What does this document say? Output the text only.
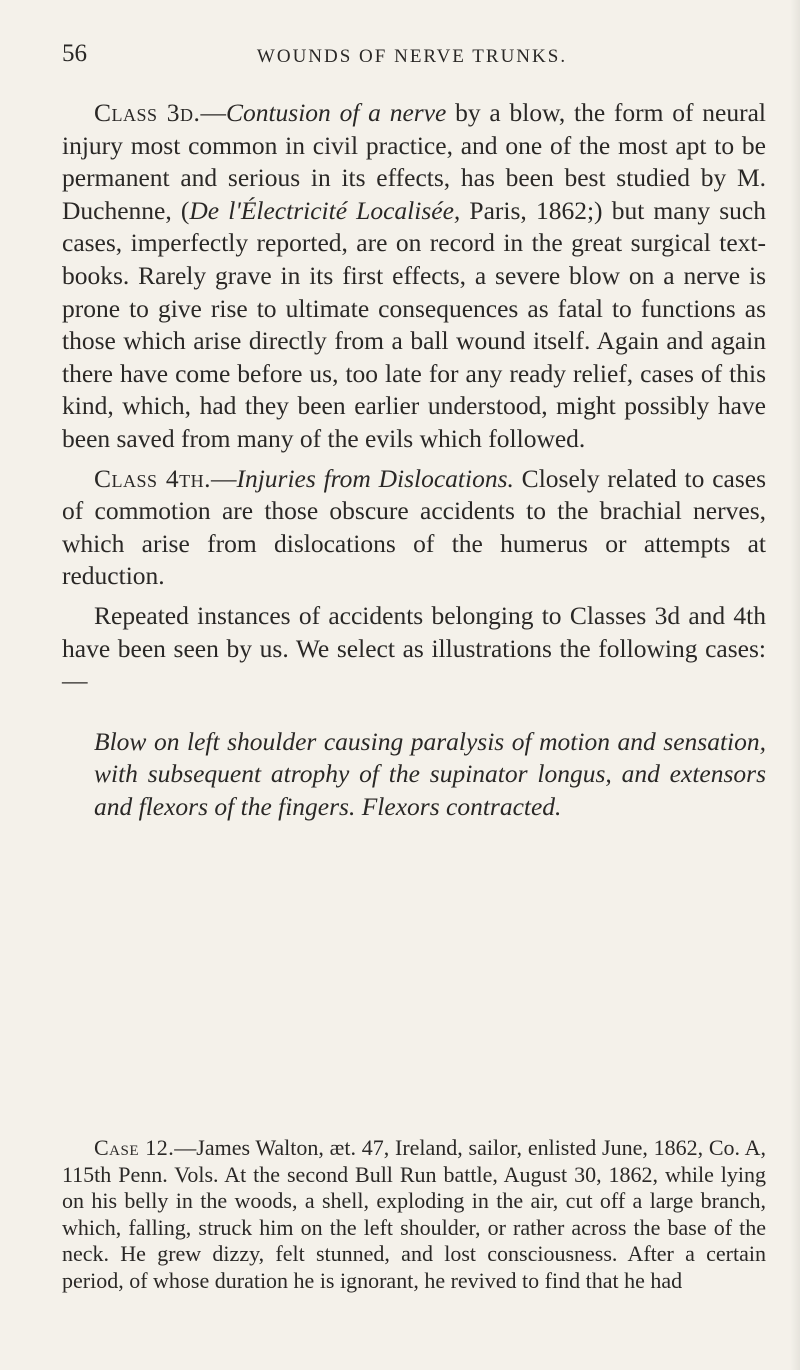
56	WOUNDS OF NERVE TRUNKS.

Class 3d.—Contusion of a nerve by a blow, the form of neural injury most common in civil practice, and one of the most apt to be permanent and serious in its effects, has been best studied by M. Duchenne, (De l'Électricité Localisée, Paris, 1862;) but many such cases, imperfectly reported, are on record in the great surgical text-books. Rarely grave in its first effects, a severe blow on a nerve is prone to give rise to ultimate consequences as fatal to functions as those which arise directly from a ball wound itself. Again and again there have come before us, too late for any ready relief, cases of this kind, which, had they been earlier understood, might possibly have been saved from many of the evils which followed.

Class 4th.—Injuries from Dislocations. Closely related to cases of commotion are those obscure accidents to the brachial nerves, which arise from dislocations of the humerus or attempts at reduction.

Repeated instances of accidents belonging to Classes 3d and 4th have been seen by us. We select as illustrations the following cases:—

Blow on left shoulder causing paralysis of motion and sensation, with subsequent atrophy of the supinator longus, and extensors and flexors of the fingers. Flexors contracted.

Case 12.—James Walton, æt. 47, Ireland, sailor, enlisted June, 1862, Co. A, 115th Penn. Vols. At the second Bull Run battle, August 30, 1862, while lying on his belly in the woods, a shell, exploding in the air, cut off a large branch, which, falling, struck him on the left shoulder, or rather across the base of the neck. He grew dizzy, felt stunned, and lost consciousness. After a certain period, of whose duration he is ignorant, he revived to find that he had
